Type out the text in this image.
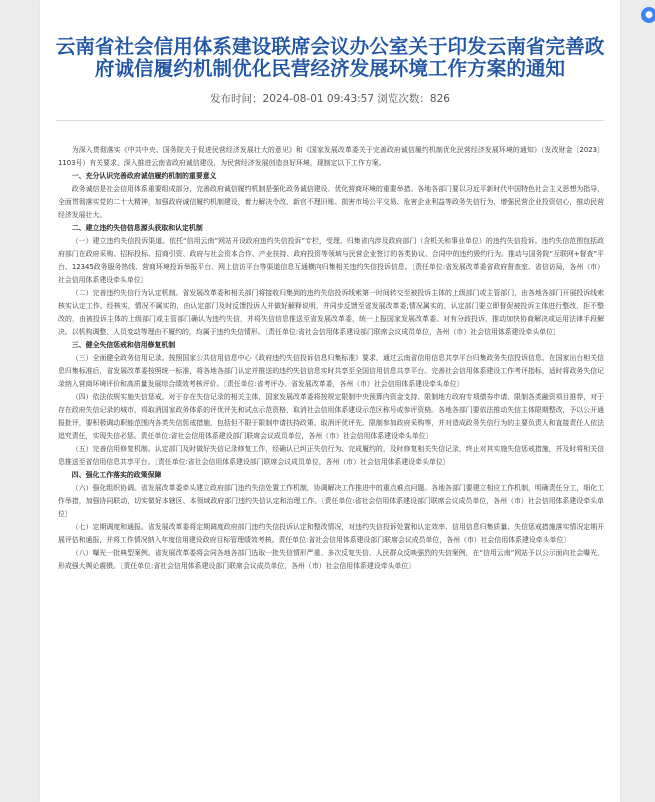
云南省社会信用体系建设联席会议办公室关于印发云南省完善政府诚信履约机制优化民营经济发展环境工作方案的通知
发布时间：2024-08-01 09:43:57 浏览次数：826

为深入贯彻落实《中共中央、国务院关于促进民营经济发展壮大的意见》和《国家发展改革委关于完善政府诚信履约机制优化民营经济发展环境的通知》（发改财金〔2023〕1103号）有关要求，深入推进云南省政府诚信建设，为民营经济发展创造良好环境，现制定以下工作方案。

一、充分认识完善政府诚信履约机制的重要意义

政务诚信是社会信用体系重要组成部分，完善政府诚信履约机制是强化政务诚信建设、优化营商环境的重要举措。各地各部门要以习近平新时代中国特色社会主义思想为指导，全面贯彻落实党的二十大精神，加强政府诚信履约机制建设，着力解决令改、新官不理旧账、损害市场公平交易、危害企业利益等政务失信行为，增强民营企业投资信心，推动民营经济发展壮大。

二、建立违约失信信息源头获取和认定机制

（一）建立违约失信投诉渠道。依托“信用云南”网站开设政府违约失信投诉”专栏，受理、归集省内涉及政府部门（含机关和事业单位）的违约失信投诉。违约失信范围包括政府部门在政府采购、招标投标、招商引资、政府与社会资本合作、产业扶持、政府投资等领域与民营企业签订的各类协议、合同中的违约毁约行为。推动与国务院“互联网+督查”平台、12345政务服务热线、营商环境投诉举报平台、网上信访平台等渠道信息互通横向归集相关违约失信投诉信息。〔责任单位:省发展改革委省政府督查室、省信访局，各州（市）社会信用体系建设牵头单位〕

（二）完善违约失信行为认定机制。省发展改革委和相关部门将接收归集到的违约失信投诉线索第一时间转交至被投诉主体的上级部门或主管部门，由各地各部门开展投诉线索核实认定工作。经核实，情况不属实的，由认定部门及时反馈投诉人并做好解释说明，并同步反馈至省发展改革委;情况属实的，认定部门要立即督促被投诉主体进行整改，拒不整改的，由被投诉主体的上级部门或主管部门确认为违约失信，并将失信信息推送至省发展改革委，统一上报国家发展改革委。对有分歧投诉，推动加快协商解决或运用法律手段解决。以机构调整、人员变动等理由不履约的，均属于违约失信情形。〔责任单位:省社会信用体系建设部门联席会议成员单位，各州（市）社会信用体系建设牵头单位〕

三、健全失信惩戒和信用修复机制

（三）全面健全政务信用记录。按照国家公共信用信息中心《政府违约失信投诉信息归集标准》要求，通过云南省信用信息共享平台归集政务失信投诉信息。在国家出台相关信息归集标准后，省发展改革委按照统一标准，将各地各部门认定并推送的违约失信信息实时共享至全国信用信息共享平台。完善社会信用体系建设工作考评指标，适时将政务失信记录纳入营商环境评价和高质量发展综合绩效考核评价。〔责任单位:省考评办、省发展改革委，各州（市）社会信用体系建设牵头单位〕

（四）依法依规实施失信惩戒。对于存在失信记录的相关主体，国家发展改革委将按规定限制中央预算内资金支持、限制地方政府专项债券申请、限制各类融资项目推荐，对于存在政府失信记录的城市，将取消国家政务体系的评优评先和试点示范资格，取消社会信用体系建设示范区称号或参评资格。各地各部门要依法推动失信主体限期整改，予以公开通报批评，要积极调动职能范围内各类失信惩戒措施，包括但不限于限制申请扶持政策、取消评优评先、限制参加政府采购等，并对造成政务失信行为的主要负责人和直接责任人依法追究责任，实现失信必惩。责任单位:省社会信用体系建设部门联席会议成员单位，各州（市）社会信用体系建设牵头单位〕

（五）完善信用修复机制。认定部门及时做好失信记录修复工作，经确认已纠正失信行为、完成履约的，及时修复相关失信记录，终止对其实施失信惩戒措施，并及时将相关信息推送至省信用信息共享平台。〔责任单位:省社会信用体系建设部门联席会议成员单位，各州（市）社会信用体系建设牵头单位〕

四、强化工作落实的政策保障

（六）强化组织协调。省发展改革委牵头建立政府部门违约失信处置工作机制，协调解决工作推进中的重点难点问题。各地各部门要建立相应工作机制，明确责任分工，细化工作举措，加强协同联动，切实做好本辖区、本领域政府部门违约失信认定和治理工作。〔责任单位:省社会信用体系建设部门联席会议成员单位，各州（市）社会信用体系建设牵头单位〕

（七）定期调度和通报。省发展改革委将定期调度政府部门违约失信投诉认定和整改情况，对违约失信投诉处置和认定效率、信用信息归集质量、失信惩戒措施落实情况定期开展评估和通报，并将工作情况纳入年度信用建设政府目标管理绩效考核。责任单位:省社会信用体系建设部门联席会议成员单位，各州（市）社会信用体系建设牵头单位〕

（八）曝光一批典型案例。省发展改革委将会同各地各部门选取一批失信情形严重、多次反复失信、人民群众反映强烈的失信案例，在“信用云南”网站予以公示面向社会曝光，形成强大舆论震慑。〔责任单位:省社会信用体系建设部门联席会议成员单位，各州（市）社会信用体系建设牵头单位〕

●
